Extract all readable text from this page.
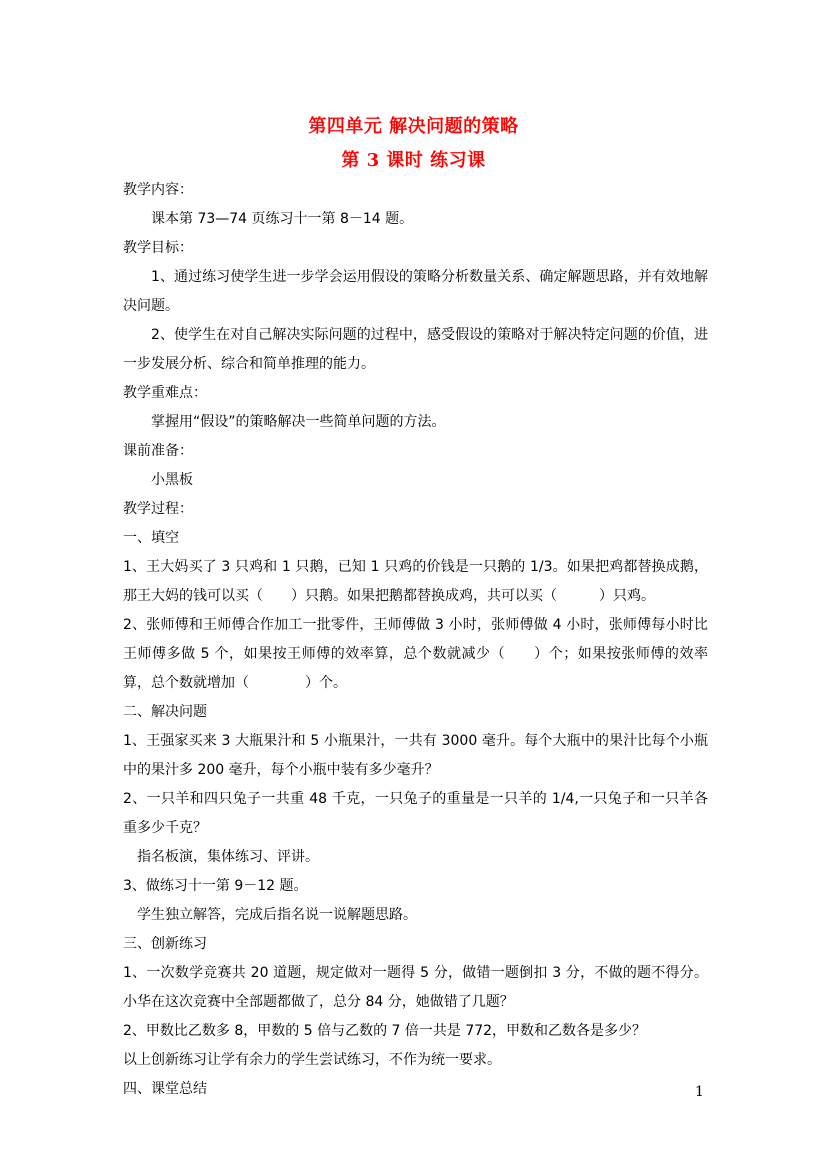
第四单元 解决问题的策略
第 3 课时 练习课

教学内容：

课本第 73—74 页练习十一第 8－14 题。

教学目标：

1、通过练习使学生进一步学会运用假设的策略分析数量关系、确定解题思路，并有效地解决问题。

2、使学生在对自己解决实际问题的过程中，感受假设的策略对于解决特定问题的价值，进一步发展分析、综合和简单推理的能力。

教学重难点：

掌握用“假设”的策略解决一些简单问题的方法。

课前准备：

小黑板

教学过程：

一、填空

1、王大妈买了 3 只鸡和 1 只鹅，已知 1 只鸡的价钱是一只鹅的 1/3。如果把鸡都替换成鹅，那王大妈的钱可以买（　　）只鹅。如果把鹅都替换成鸡，共可以买（　　　）只鸡。

2、张师傅和王师傅合作加工一批零件，王师傅做 3 小时，张师傅做 4 小时，张师傅每小时比王师傅多做 5 个，如果按王师傅的效率算，总个数就减少（　　）个；如果按张师傅的效率算，总个数就增加（　　　　）个。

二、解决问题

1、王强家买来 3 大瓶果汁和 5 小瓶果汁，一共有 3000 毫升。每个大瓶中的果汁比每个小瓶中的果汁多 200 毫升，每个小瓶中装有多少毫升？

2、一只羊和四只兔子一共重 48 千克，一只兔子的重量是一只羊的 1/4,一只兔子和一只羊各重多少千克？

指名板演，集体练习、评讲。

3、做练习十一第 9－12 题。

学生独立解答，完成后指名说一说解题思路。

三、创新练习

1、一次数学竞赛共 20 道题，规定做对一题得 5 分，做错一题倒扣 3 分，不做的题不得分。小华在这次竞赛中全部题都做了，总分 84 分，她做错了几题？

2、甲数比乙数多 8，甲数的 5 倍与乙数的 7 倍一共是 772，甲数和乙数各是多少？

以上创新练习让学有余力的学生尝试练习，不作为统一要求。

四、课堂总结	1
